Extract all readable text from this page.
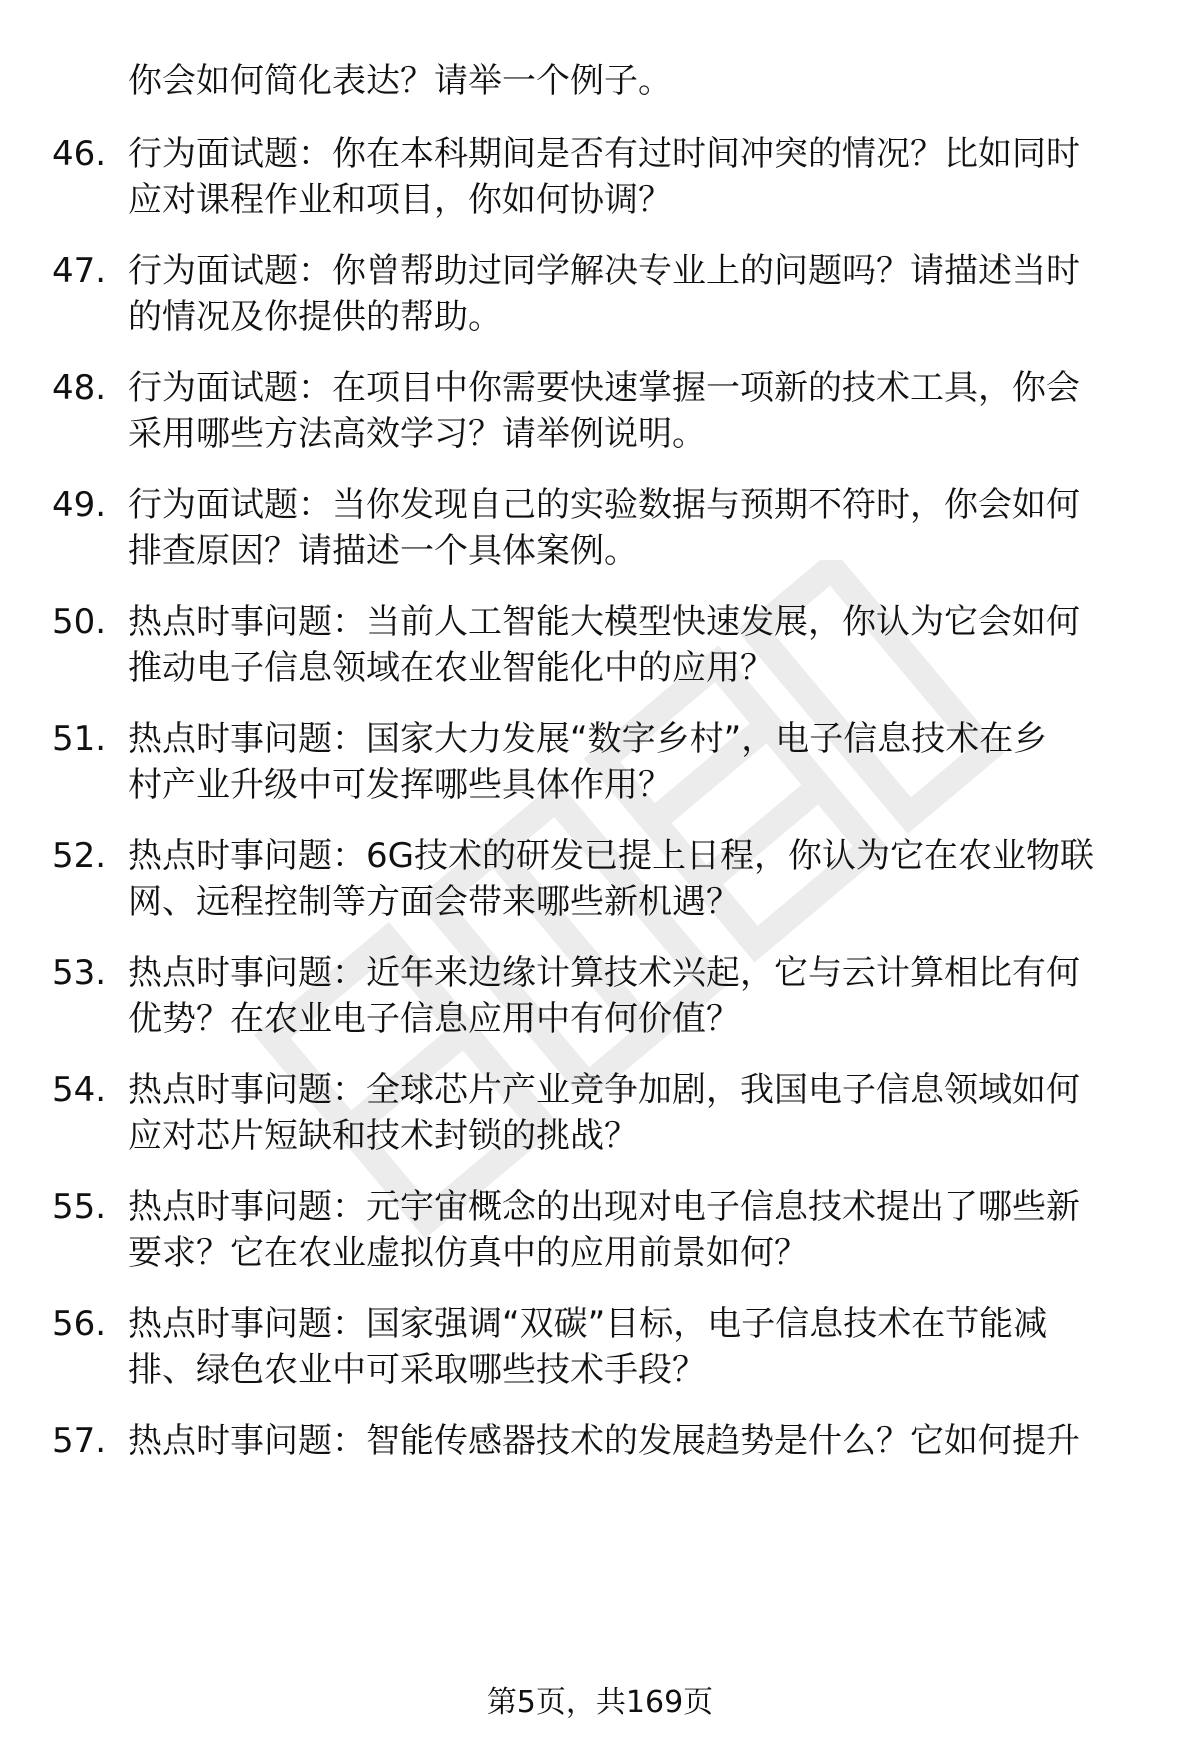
你会如何简化表达？请举一个例子。
46. 行为面试题：你在本科期间是否有过时间冲突的情况？比如同时
应对课程作业和项目，你如何协调？
47. 行为面试题：你曾帮助过同学解决专业上的问题吗？请描述当时
的情况及你提供的帮助。
48. 行为面试题：在项目中你需要快速掌握一项新的技术工具，你会
采用哪些方法高效学习？请举例说明。
49. 行为面试题：当你发现自己的实验数据与预期不符时，你会如何
排查原因？请描述一个具体案例。
50. 热点时事问题：当前人工智能大模型快速发展，你认为它会如何
推动电子信息领域在农业智能化中的应用？
51. 热点时事问题：国家大力发展“数字乡村”，电子信息技术在乡
村产业升级中可发挥哪些具体作用？
52. 热点时事问题：6G技术的研发已提上日程，你认为它在农业物联
网、远程控制等方面会带来哪些新机遇？
53. 热点时事问题：近年来边缘计算技术兴起，它与云计算相比有何
优势？在农业电子信息应用中有何价值？
54. 热点时事问题：全球芯片产业竞争加剧，我国电子信息领域如何
应对芯片短缺和技术封锁的挑战？
55. 热点时事问题：元宇宙概念的出现对电子信息技术提出了哪些新
要求？它在农业虚拟仿真中的应用前景如何？
56. 热点时事问题：国家强调“双碳”目标，电子信息技术在节能减
排、绿色农业中可采取哪些技术手段？
57. 热点时事问题：智能传感器技术的发展趋势是什么？它如何提升
第5页，共169页
